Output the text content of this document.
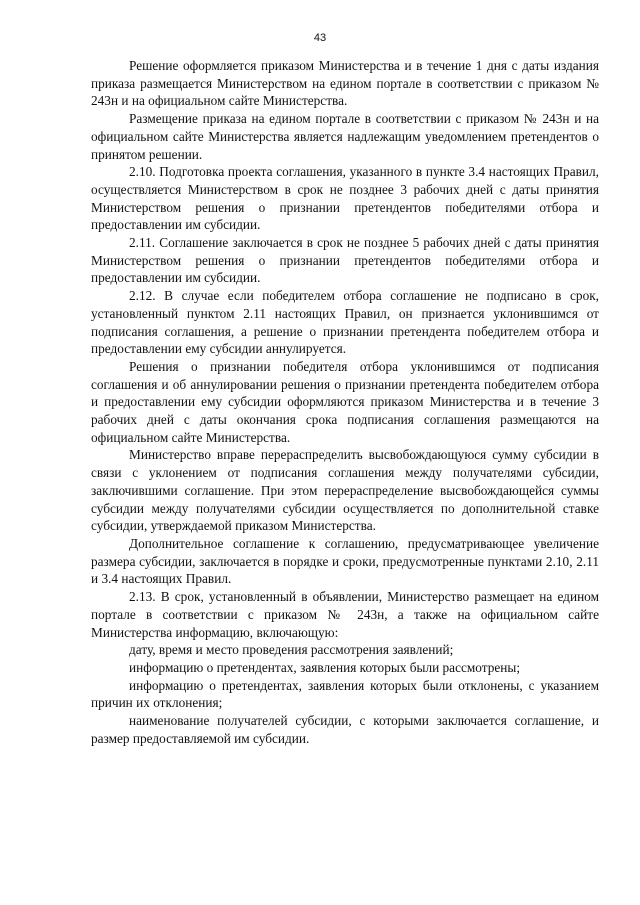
43

Решение оформляется приказом Министерства и в течение 1 дня с даты издания приказа размещается Министерством на едином портале в соответствии с приказом № 243н и на официальном сайте Министерства.

Размещение приказа на едином портале в соответствии с приказом № 243н и на официальном сайте Министерства является надлежащим уведомлением претендентов о принятом решении.

2.10. Подготовка проекта соглашения, указанного в пункте 3.4 настоящих Правил, осуществляется Министерством в срок не позднее 3 рабочих дней с даты принятия Министерством решения о признании претендентов победителями отбора и предоставлении им субсидии.

2.11. Соглашение заключается в срок не позднее 5 рабочих дней с даты принятия Министерством решения о признании претендентов победителями отбора и предоставлении им субсидии.

2.12. В случае если победителем отбора соглашение не подписано в срок, установленный пунктом 2.11 настоящих Правил, он признается уклонившимся от подписания соглашения, а решение о признании претендента победителем отбора и предоставлении ему субсидии аннулируется.

Решения о признании победителя отбора уклонившимся от подписания соглашения и об аннулировании решения о признании претендента победителем отбора и предоставлении ему субсидии оформляются приказом Министерства и в течение 3 рабочих дней с даты окончания срока подписания соглашения размещаются на официальном сайте Министерства.

Министерство вправе перераспределить высвобождающуюся сумму субсидии в связи с уклонением от подписания соглашения между получателями субсидии, заключившими соглашение. При этом перераспределение высвобождающейся суммы субсидии между получателями субсидии осуществляется по дополнительной ставке субсидии, утверждаемой приказом Министерства.

Дополнительное соглашение к соглашению, предусматривающее увеличение размера субсидии, заключается в порядке и сроки, предусмотренные пунктами 2.10, 2.11 и 3.4 настоящих Правил.

2.13. В срок, установленный в объявлении, Министерство размещает на едином портале в соответствии с приказом № 243н, а также на официальном сайте Министерства информацию, включающую:

дату, время и место проведения рассмотрения заявлений;

информацию о претендентах, заявления которых были рассмотрены;

информацию о претендентах, заявления которых были отклонены, с указанием причин их отклонения;

наименование получателей субсидии, с которыми заключается соглашение, и размер предоставляемой им субсидии.
